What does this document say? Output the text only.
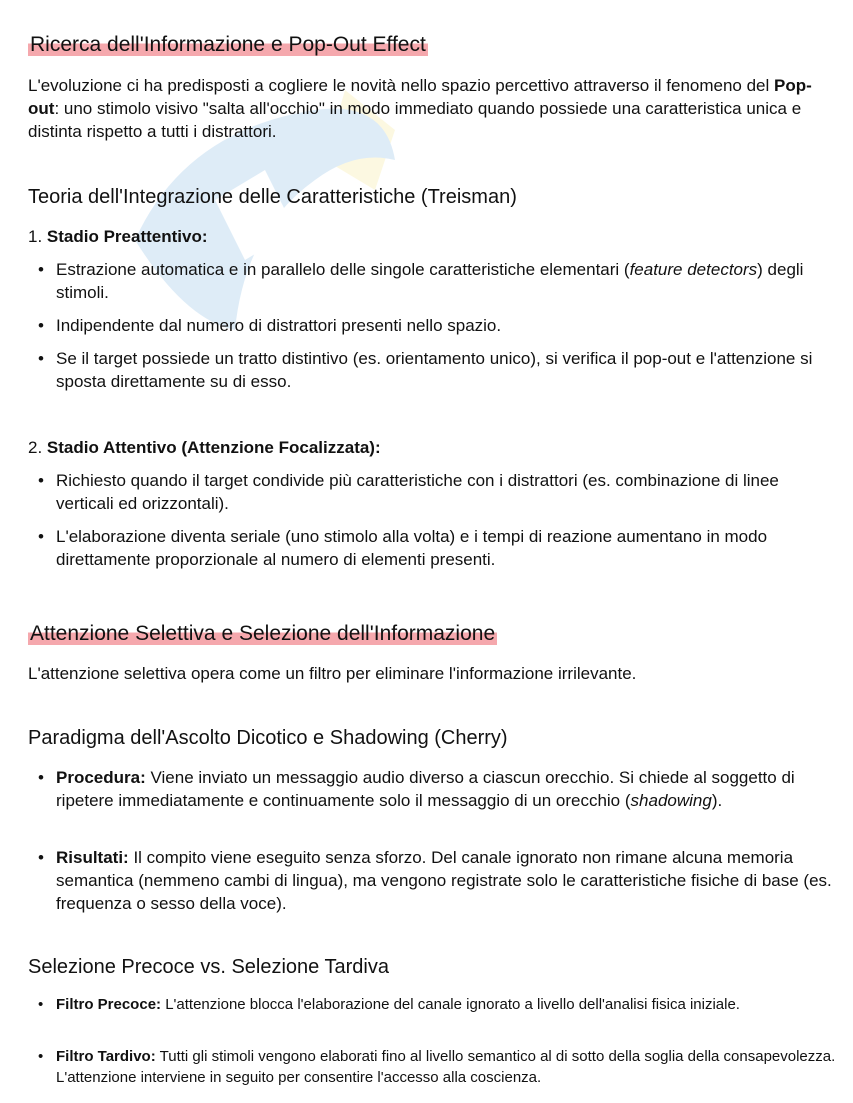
Ricerca dell'Informazione e Pop-Out Effect
L'evoluzione ci ha predisposti a cogliere le novità nello spazio percettivo attraverso il fenomeno del Pop-out: uno stimolo visivo "salta all'occhio" in modo immediato quando possiede una caratteristica unica e distinta rispetto a tutti i distrattori.
Teoria dell'Integrazione delle Caratteristiche (Treisman)
1. Stadio Preattentivo:
• Estrazione automatica e in parallelo delle singole caratteristiche elementari (feature detectors) degli stimoli.
• Indipendente dal numero di distrattori presenti nello spazio.
• Se il target possiede un tratto distintivo (es. orientamento unico), si verifica il pop-out e l'attenzione si sposta direttamente su di esso.
2. Stadio Attentivo (Attenzione Focalizzata):
• Richiesto quando il target condivide più caratteristiche con i distrattori (es. combinazione di linee verticali ed orizzontali).
• L'elaborazione diventa seriale (uno stimolo alla volta) e i tempi di reazione aumentano in modo direttamente proporzionale al numero di elementi presenti.
Attenzione Selettiva e Selezione dell'Informazione
L'attenzione selettiva opera come un filtro per eliminare l'informazione irrilevante.
Paradigma dell'Ascolto Dicotico e Shadowing (Cherry)
• Procedura: Viene inviato un messaggio audio diverso a ciascun orecchio. Si chiede al soggetto di ripetere immediatamente e continuamente solo il messaggio di un orecchio (shadowing).
• Risultati: Il compito viene eseguito senza sforzo. Del canale ignorato non rimane alcuna memoria semantica (nemmeno cambi di lingua), ma vengono registrate solo le caratteristiche fisiche di base (es. frequenza o sesso della voce).
Selezione Precoce vs. Selezione Tardiva
• Filtro Precoce: L'attenzione blocca l'elaborazione del canale ignorato a livello dell'analisi fisica iniziale.
• Filtro Tardivo: Tutti gli stimoli vengono elaborati fino al livello semantico al di sotto della soglia della consapevolezza. L'attenzione interviene in seguito per consentire l'accesso alla coscienza.
